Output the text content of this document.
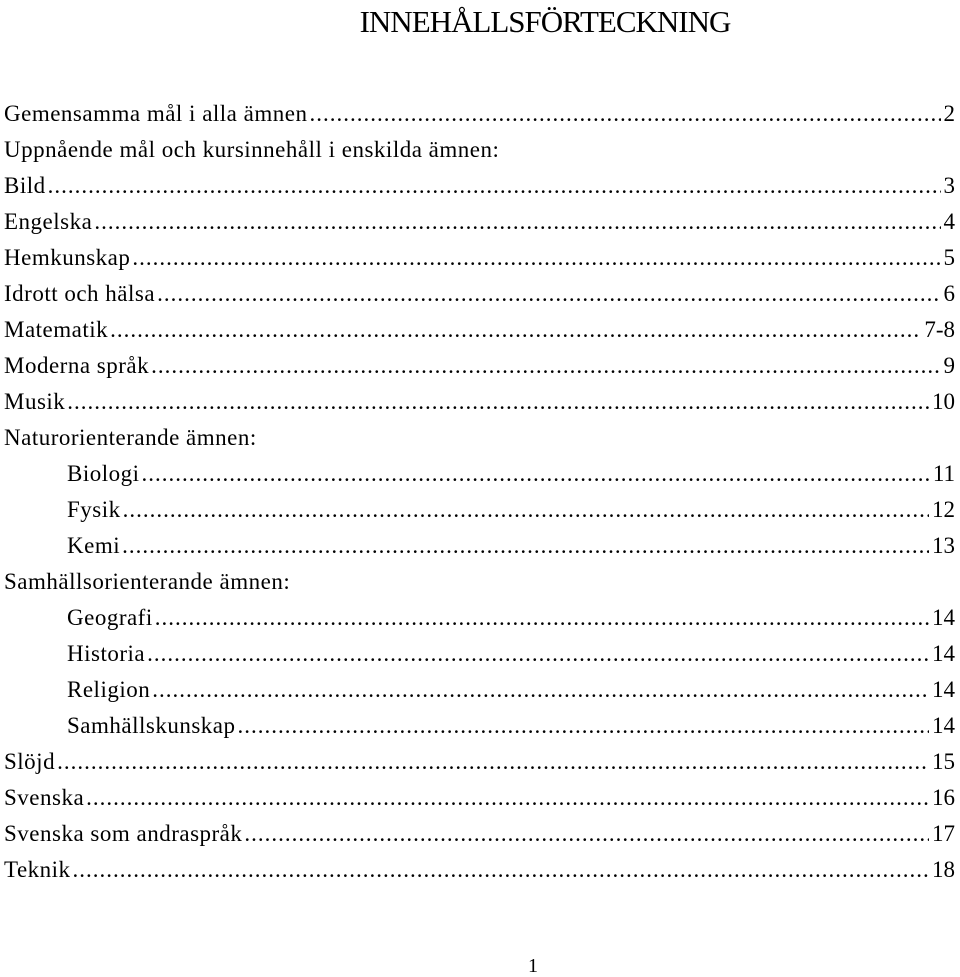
INNEHÅLLSFÖRTECKNING
Gemensamma mål i alla ämnen .....	2
Uppnående mål och kursinnehåll i enskilda ämnen:
Bild .....	3
Engelska .....	4
Hemkunskap .....	5
Idrott och hälsa .....	6
Matematik .....	7-8
Moderna språk .....	9
Musik .....	10
Naturorienterande ämnen:
Biologi .....	11
Fysik .....	12
Kemi .....	13
Samhällsorienterande ämnen:
Geografi .....	14
Historia .....	14
Religion .....	14
Samhällskunskap .....	14
Slöjd .....	15
Svenska .....	16
Svenska som andraspråk .....	17
Teknik .....	18
1
